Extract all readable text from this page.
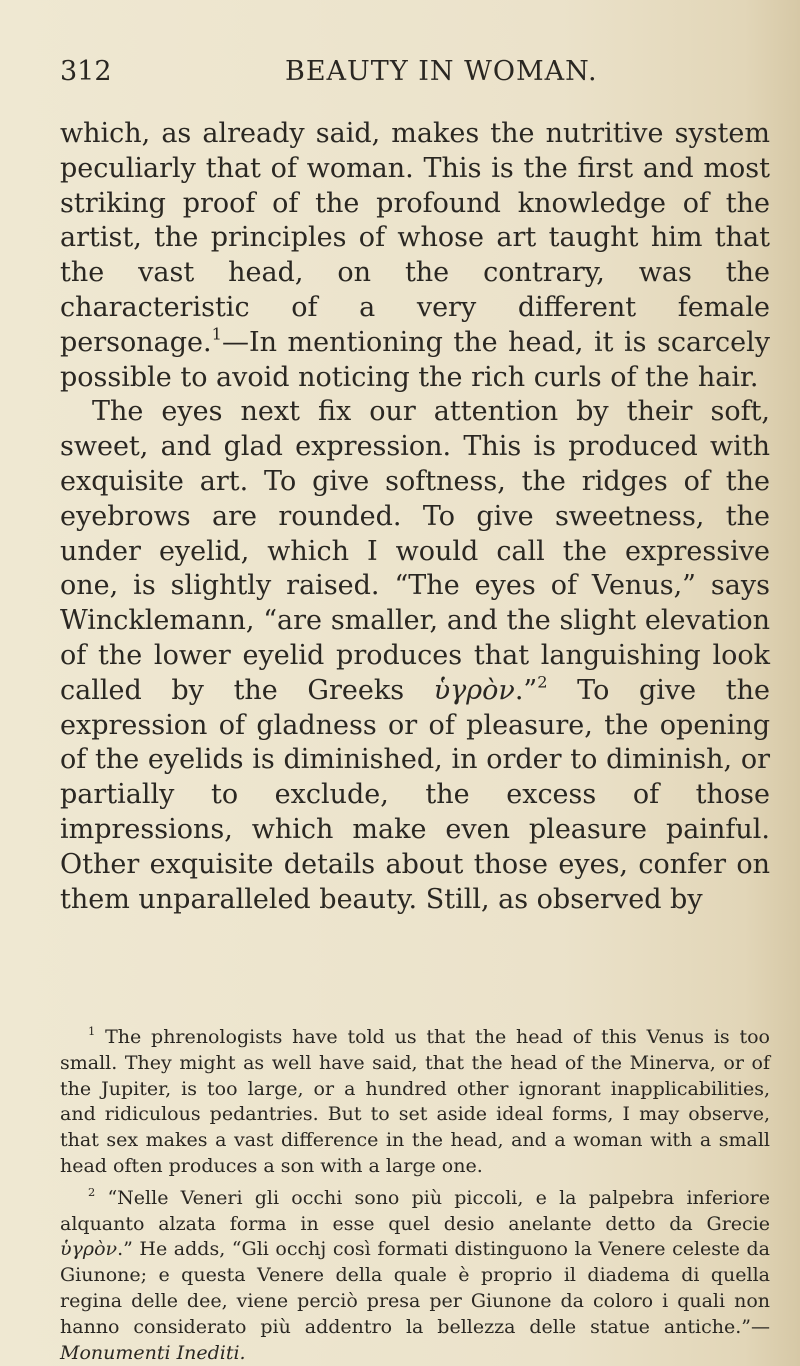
312	BEAUTY IN WOMAN.

which, as already said, makes the nutritive system peculiarly that of woman. This is the first and most striking proof of the profound knowledge of the artist, the principles of whose art taught him that the vast head, on the contrary, was the characteristic of a very different female personage.$^1$—In mentioning the head, it is scarcely possible to avoid noticing the rich curls of the hair.

The eyes next fix our attention by their soft, sweet, and glad expression. This is produced with exquisite art. To give softness, the ridges of the eyebrows are rounded. To give sweetness, the under eyelid, which I would call the expressive one, is slightly raised. “The eyes of Venus,” says Wincklemann, “are smaller, and the slight elevation of the lower eyelid produces that languishing look called by the Greeks ὑγρὸν.”$^2$ To give the expression of gladness or of pleasure, the opening of the eyelids is diminished, in order to diminish, or partially to exclude, the excess of those impressions, which make even pleasure painful. Other exquisite details about those eyes, confer on them unparalleled beauty. Still, as observed by

$^1$ The phrenologists have told us that the head of this Venus is too small. They might as well have said, that the head of the Minerva, or of the Jupiter, is too large, or a hundred other ignorant inapplicabilities, and ridiculous pedantries. But to set aside ideal forms, I may observe, that sex makes a vast difference in the head, and a woman with a small head often produces a son with a large one.

$^2$ “Nelle Veneri gli occhi sono più piccoli, e la palpebra inferiore alquanto alzata forma in esse quel desio anelante detto da Grecie ὑγρὸν.” He adds, “Gli occhj così formati distinguono la Venere celeste da Giunone; e questa Venere della quale è proprio il diadema di quella regina delle dee, viene perciò presa per Giunone da coloro i quali non hanno considerato più addentro la bellezza delle statue antiche.”—Monumenti Inediti.
